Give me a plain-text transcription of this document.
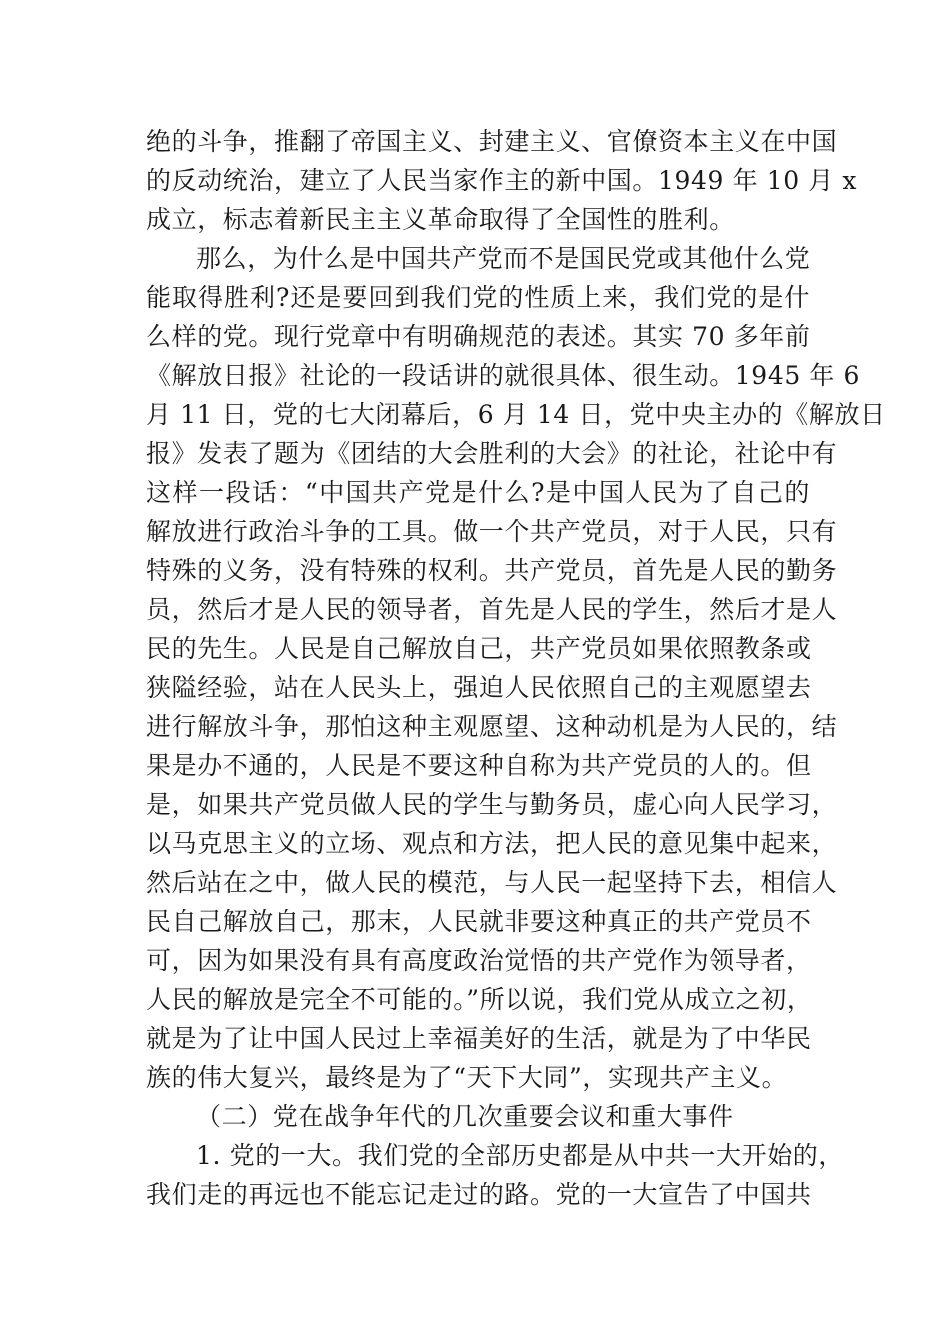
绝的斗争，推翻了帝国主义、封建主义、官僚资本主义在中国
的反动统治，建立了人民当家作主的新中国。1949 年 10 月 x
成立，标志着新民主主义革命取得了全国性的胜利。
那么，为什么是中国共产党而不是国民党或其他什么党
能取得胜利?还是要回到我们党的性质上来，我们党的是什
么样的党。现行党章中有明确规范的表述。其实 70 多年前
《解放日报》社论的一段话讲的就很具体、很生动。1945 年 6
月 11 日，党的七大闭幕后，6 月 14 日，党中央主办的《解放日
报》发表了题为《团结的大会胜利的大会》的社论，社论中有
这样一段话：“中国共产党是什么?是中国人民为了自己的
解放进行政治斗争的工具。做一个共产党员，对于人民，只有
特殊的义务，没有特殊的权利。共产党员，首先是人民的勤务
员，然后才是人民的领导者，首先是人民的学生，然后才是人
民的先生。人民是自己解放自己，共产党员如果依照教条或
狭隘经验，站在人民头上，强迫人民依照自己的主观愿望去
进行解放斗争，那怕这种主观愿望、这种动机是为人民的，结
果是办不通的，人民是不要这种自称为共产党员的人的。但
是，如果共产党员做人民的学生与勤务员，虚心向人民学习，
以马克思主义的立场、观点和方法，把人民的意见集中起来，
然后站在之中，做人民的模范，与人民一起坚持下去，相信人
民自己解放自己，那末，人民就非要这种真正的共产党员不
可，因为如果没有具有高度政治觉悟的共产党作为领导者，
人民的解放是完全不可能的。”所以说，我们党从成立之初，
就是为了让中国人民过上幸福美好的生活，就是为了中华民
族的伟大复兴，最终是为了“天下大同”，实现共产主义。
（二）党在战争年代的几次重要会议和重大事件
1. 党的一大。我们党的全部历史都是从中共一大开始的，
我们走的再远也不能忘记走过的路。党的一大宣告了中国共
